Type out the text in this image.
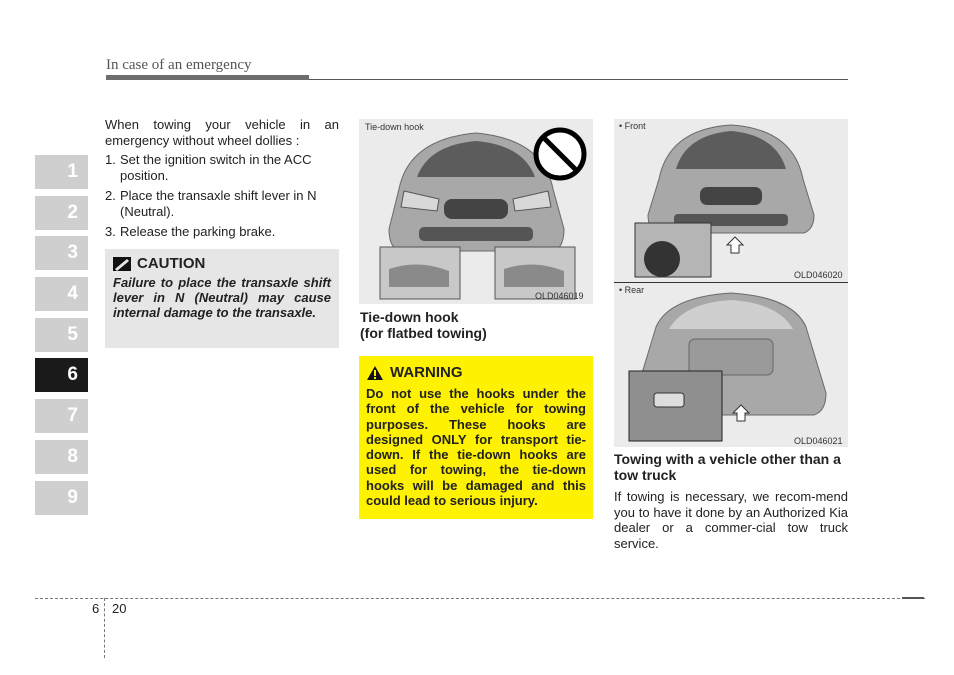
In case of an emergency
1
2
3
4
5
6
7
8
9

When towing your vehicle in an emergency without wheel dollies :

1. Set the ignition switch in the ACC position.
2. Place the transaxle shift lever in N (Neutral).
3. Release the parking brake.
CAUTION
Failure to place the transaxle shift lever in N (Neutral) may cause internal damage to the transaxle.
Tie-down hook
OLD046019
Tie-down hook
(for flatbed towing)
WARNING
Do not use the hooks under the front of the vehicle for towing purposes. These hooks are designed ONLY for transport tie-down. If the tie-down hooks are used for towing, the tie-down hooks will be damaged and this could lead to serious injury.
• Front
OLD046020
• Rear
OLD046021
Towing with a vehicle other than a tow truck
If towing is necessary, we recom-mend you to have it done by an Authorized Kia dealer or a commer-cial tow truck service.
6 20
